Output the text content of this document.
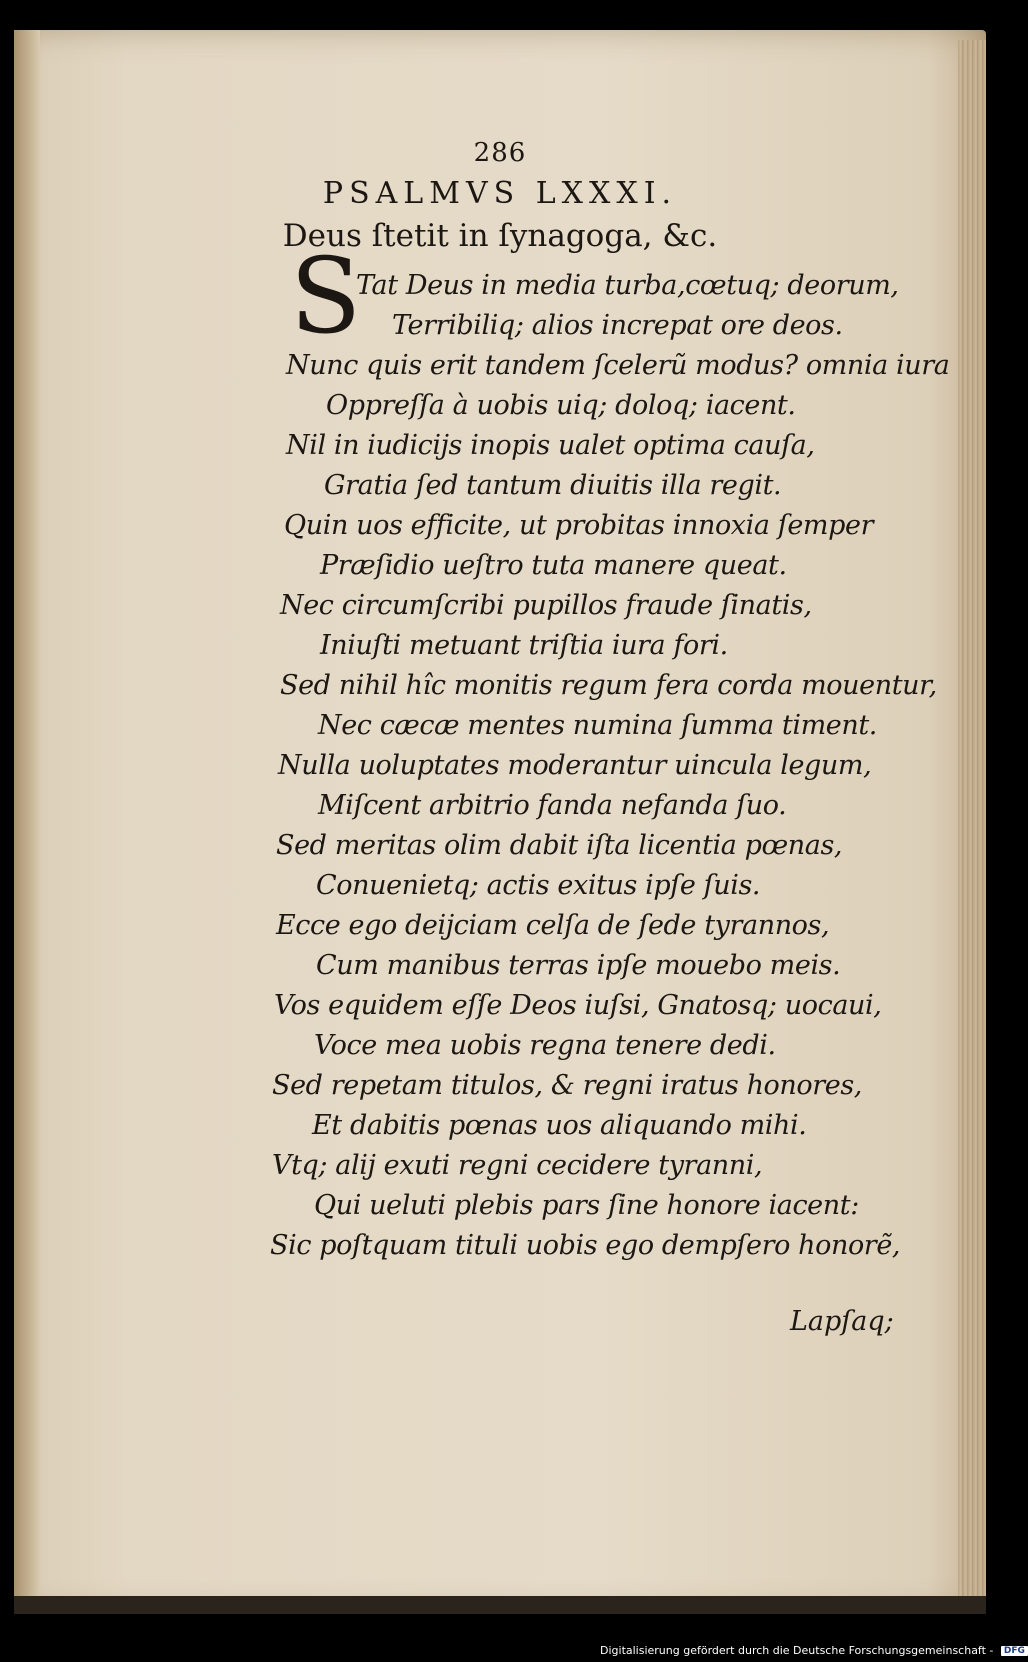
286
PSALMVS LXXXI.
Deus ſtetit in ſynagoga, &c.
S

Tat Deus in media turba,cœtuq; deorum,

Terribiliq; alios increpat ore deos.

Nunc quis erit tandem ſcelerũ modus? omnia iura

Oppreſſa à uobis uiq; doloq; iacent.

Nil in iudicijs inopis ualet optima cauſa,

Gratia ſed tantum diuitis illa regit.

Quin uos efficite, ut probitas innoxia ſemper

Præſidio ueſtro tuta manere queat.

Nec circumſcribi pupillos fraude ſinatis,

Iniuſti metuant triſtia iura fori.

Sed nihil hîc monitis regum fera corda mouentur,

Nec cæcæ mentes numina ſumma timent.

Nulla uoluptates moderantur uincula legum,

Miſcent arbitrio fanda nefanda ſuo.

Sed meritas olim dabit iſta licentia pœnas,

Conuenietq; actis exitus ipſe ſuis.

Ecce ego deijciam celſa de ſede tyrannos,

Cum manibus terras ipſe mouebo meis.

Vos equidem eſſe Deos iuſsi, Gnatosq; uocaui,

Voce mea uobis regna tenere dedi.

Sed repetam titulos, & regni iratus honores,

Et dabitis pœnas uos aliquando mihi.

Vtq; alij exuti regni cecidere tyranni,

Qui ueluti plebis pars ſine honore iacent:

Sic poſtquam tituli uobis ego dempſero honorẽ,

Lapſaq;
Digitalisierung gefördert durch die Deutsche Forschungsgemeinschaft - DFG
